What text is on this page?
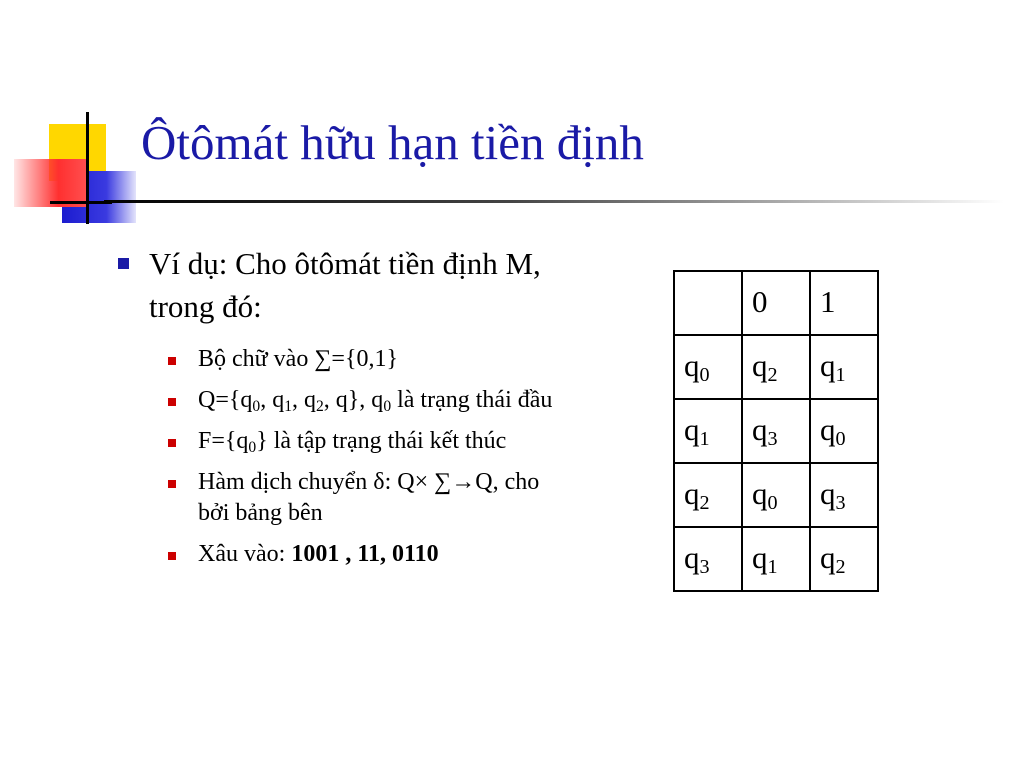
Ôtômát hữu hạn tiền định
Ví dụ: Cho ôtômát tiền định M, trong đó:
Bộ chữ vào ∑={0,1}
$Q=\{q_0$, $q_1$, $q_2$, q}, $q_0$ là trạng thái đầu
$F=\{q_0\}$ là tập trạng thái kết thúc
Hàm dịch chuyển δ: Q× ∑→Q, cho bởi bảng bên
Xâu vào: 1001 , 11, 0110
	0	1
$q_0$	$q_2$	$q_1$
$q_1$	$q_3$	$q_0$
$q_2$	$q_0$	$q_3$
$q_3$	$q_1$	$q_2$
